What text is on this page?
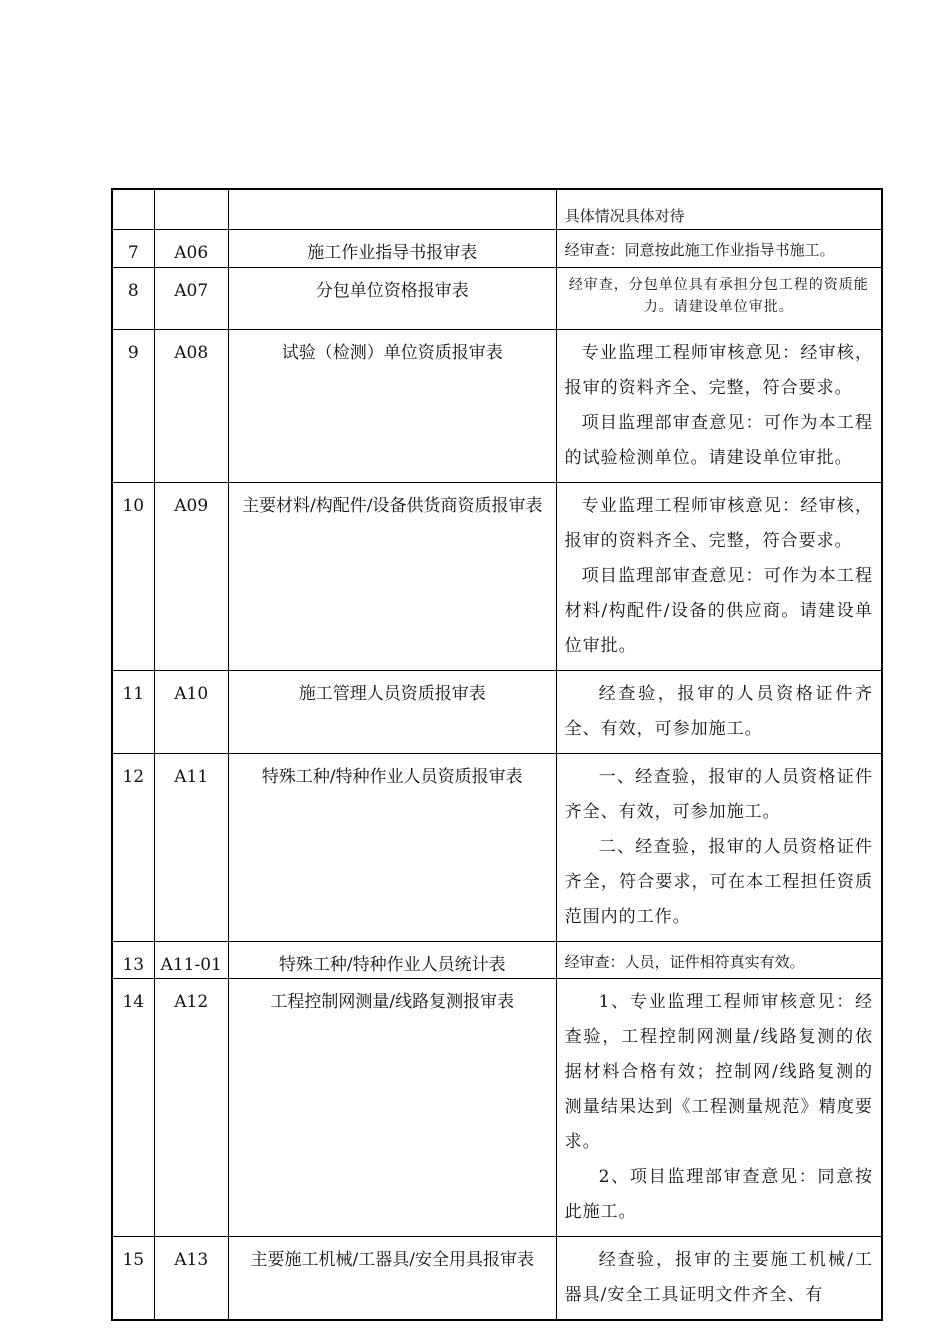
			具体情况具体对待

7	A06	施工作业指导书报审表	经审查：同意按此施工作业指导书施工。

8	A07	分包单位资格报审表	经审查，分包单位具有承担分包工程的资质能力。请建设单位审批。

9	A08	试验（检测）单位资质报审表	专业监理工程师审核意见：经审核，报审的资料齐全、完整，符合要求。
项目监理部审查意见：可作为本工程的试验检测单位。请建设单位审批。

10	A09	主要材料/构配件/设备供货商资质报审表	专业监理工程师审核意见：经审核，报审的资料齐全、完整，符合要求。
项目监理部审查意见：可作为本工程材料/构配件/设备的供应商。请建设单位审批。

11	A10	施工管理人员资质报审表	经查验，报审的人员资格证件齐全、有效，可参加施工。

12	A11	特殊工种/特种作业人员资质报审表	一、经查验，报审的人员资格证件齐全、有效，可参加施工。
二、经查验，报审的人员资格证件齐全，符合要求，可在本工程担任资质范围内的工作。

13	A11-01	特殊工种/特种作业人员统计表	经审查：人员，证件相符真实有效。

14	A12	工程控制网测量/线路复测报审表	1、专业监理工程师审核意见：经查验，工程控制网测量/线路复测的依据材料合格有效；控制网/线路复测的测量结果达到《工程测量规范》精度要求。
2、项目监理部审查意见：同意按此施工。

15	A13	主要施工机械/工器具/安全用具报审表	经查验，报审的主要施工机械/工器具/安全工具证明文件齐全、有
